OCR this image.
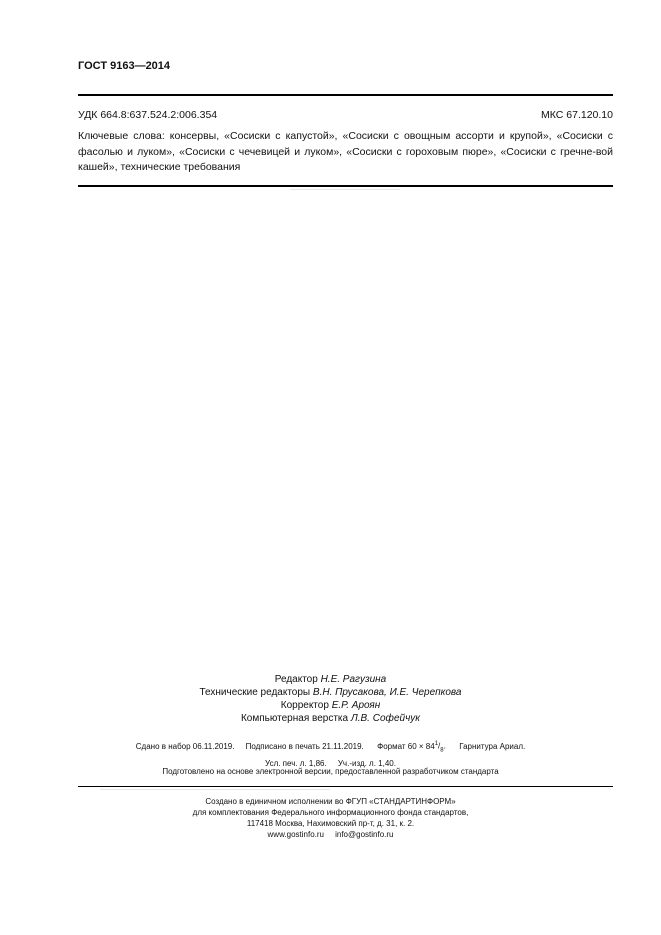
ГОСТ 9163—2014
УДК 664.8:637.524.2:006.354	МКС 67.120.10
Ключевые слова: консервы, «Сосиски с капустой», «Сосиски с овощным ассорти и крупой», «Сосиски с фасолью и луком», «Сосиски с чечевицей и луком», «Сосиски с гороховым пюре», «Сосиски с гречне-вой кашей», технические требования
Редактор Н.Е. Рагузина
Технические редакторы В.Н. Прусакова, И.Е. Черепкова
Корректор Е.Р. Ароян
Компьютерная верстка Л.В. Софейчук
Сдано в набор 06.11.2019. Подписано в печать 21.11.2019. Формат $60 \times 84^1/_8$. Гарнитура Ариал.
Усл. печ. л. 1,86. Уч.-изд. л. 1,40.
Подготовлено на основе электронной версии, предоставленной разработчиком стандарта
Создано в единичном исполнении во ФГУП «СТАНДАРТИНФОРМ»
для комплектования Федерального информационного фонда стандартов,
117418 Москва, Нахимовский пр-т, д. 31, к. 2.
www.gostinfo.ru info@gostinfo.ru
